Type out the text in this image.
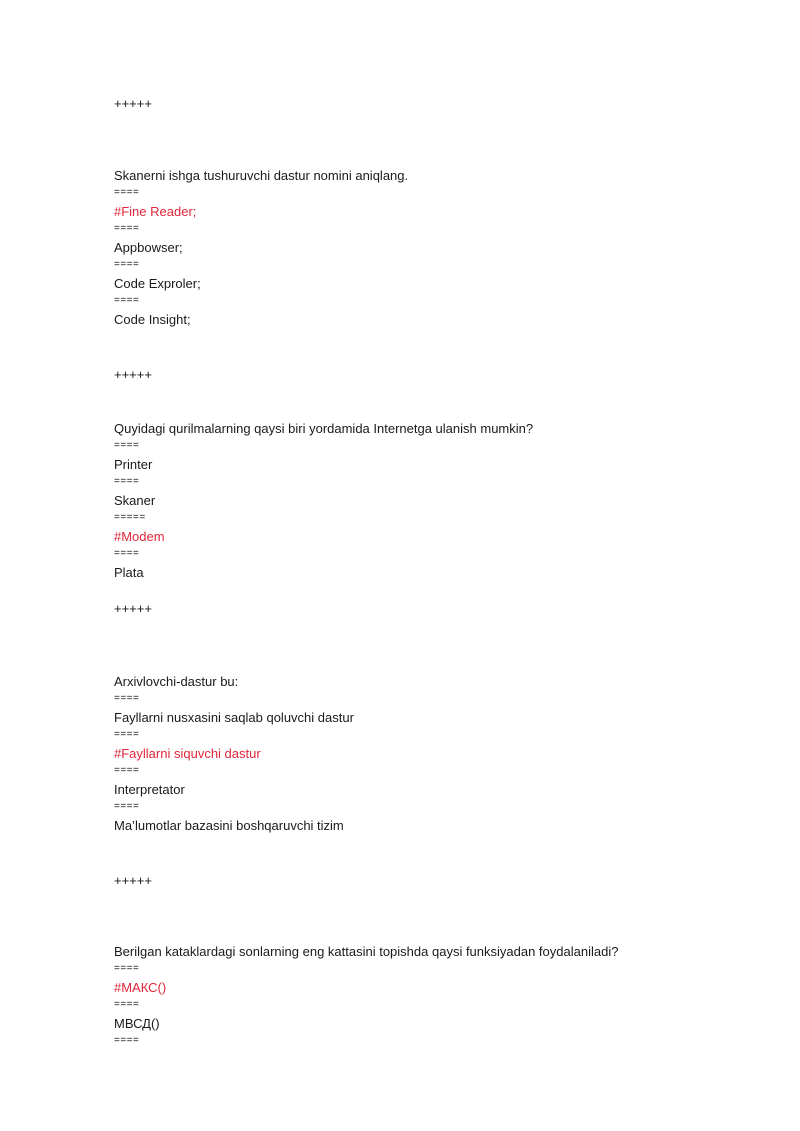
+++++
Skanerni ishga tushuruvchi dastur nomini aniqlang.
====
#Fine Reader;
====
Appbowser;
====
Code Exproler;
====
Code Insight;
+++++
Quyidagi qurilmalarning qaysi biri yordamida Internetga ulanish mumkin?
====
Printer
====
Skaner
=====
#Modem
====
Plata
+++++
Arxivlovchi-dastur bu:
====
Fayllarni nusxasini saqlab qoluvchi dastur
====
#Fayllarni siquvchi dastur
====
Interpretator
====
Ma’lumotlar bazasini boshqaruvchi tizim
+++++
Berilgan kataklardagi sonlarning eng kattasini topishda qaysi funksiyadan foydalaniladi?
====
#МАКС()
====
МВСД()
====
